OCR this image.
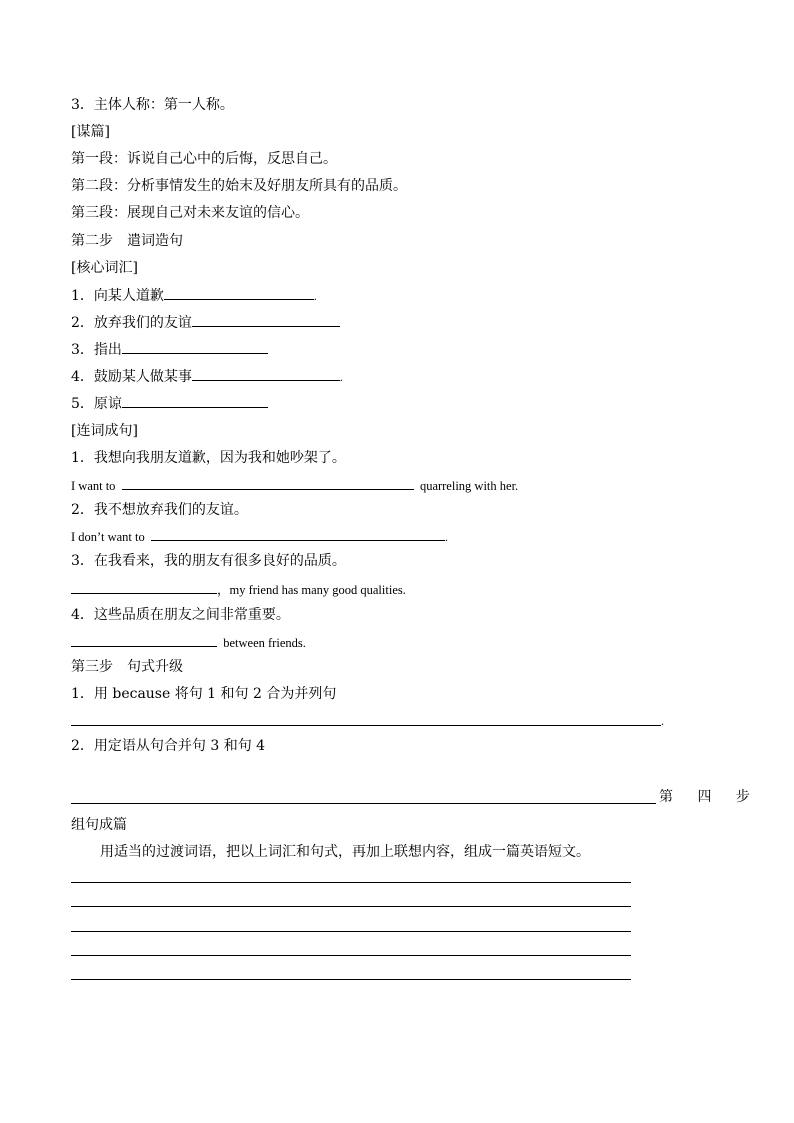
3．主体人称：第一人称。
[谋篇]
第一段：诉说自己心中的后悔，反思自己。
第二段：分析事情发生的始末及好朋友所具有的品质。
第三段：展现自己对未来友谊的信心。
第二步　遣词造句
[核心词汇]
1．向某人道歉	.
2．放弃我们的友谊
3．指出
4．鼓励某人做某事	.
5．原谅
[连词成句]
1．我想向我朋友道歉，因为我和她吵架了。
I want to	quarreling with her.
2．我不想放弃我们的友谊。
I don’t want to	.
3．在我看来，我的朋友有很多良好的品质。
，my friend has many good qualities.
4．这些品质在朋友之间非常重要。
between friends.
第三步　句式升级
1．用 because 将句 1 和句 2 合为并列句
.
2．用定语从句合并句 3 和句 4
第 四 步
组句成篇
用适当的过渡词语，把以上词汇和句式，再加上联想内容，组成一篇英语短文。
